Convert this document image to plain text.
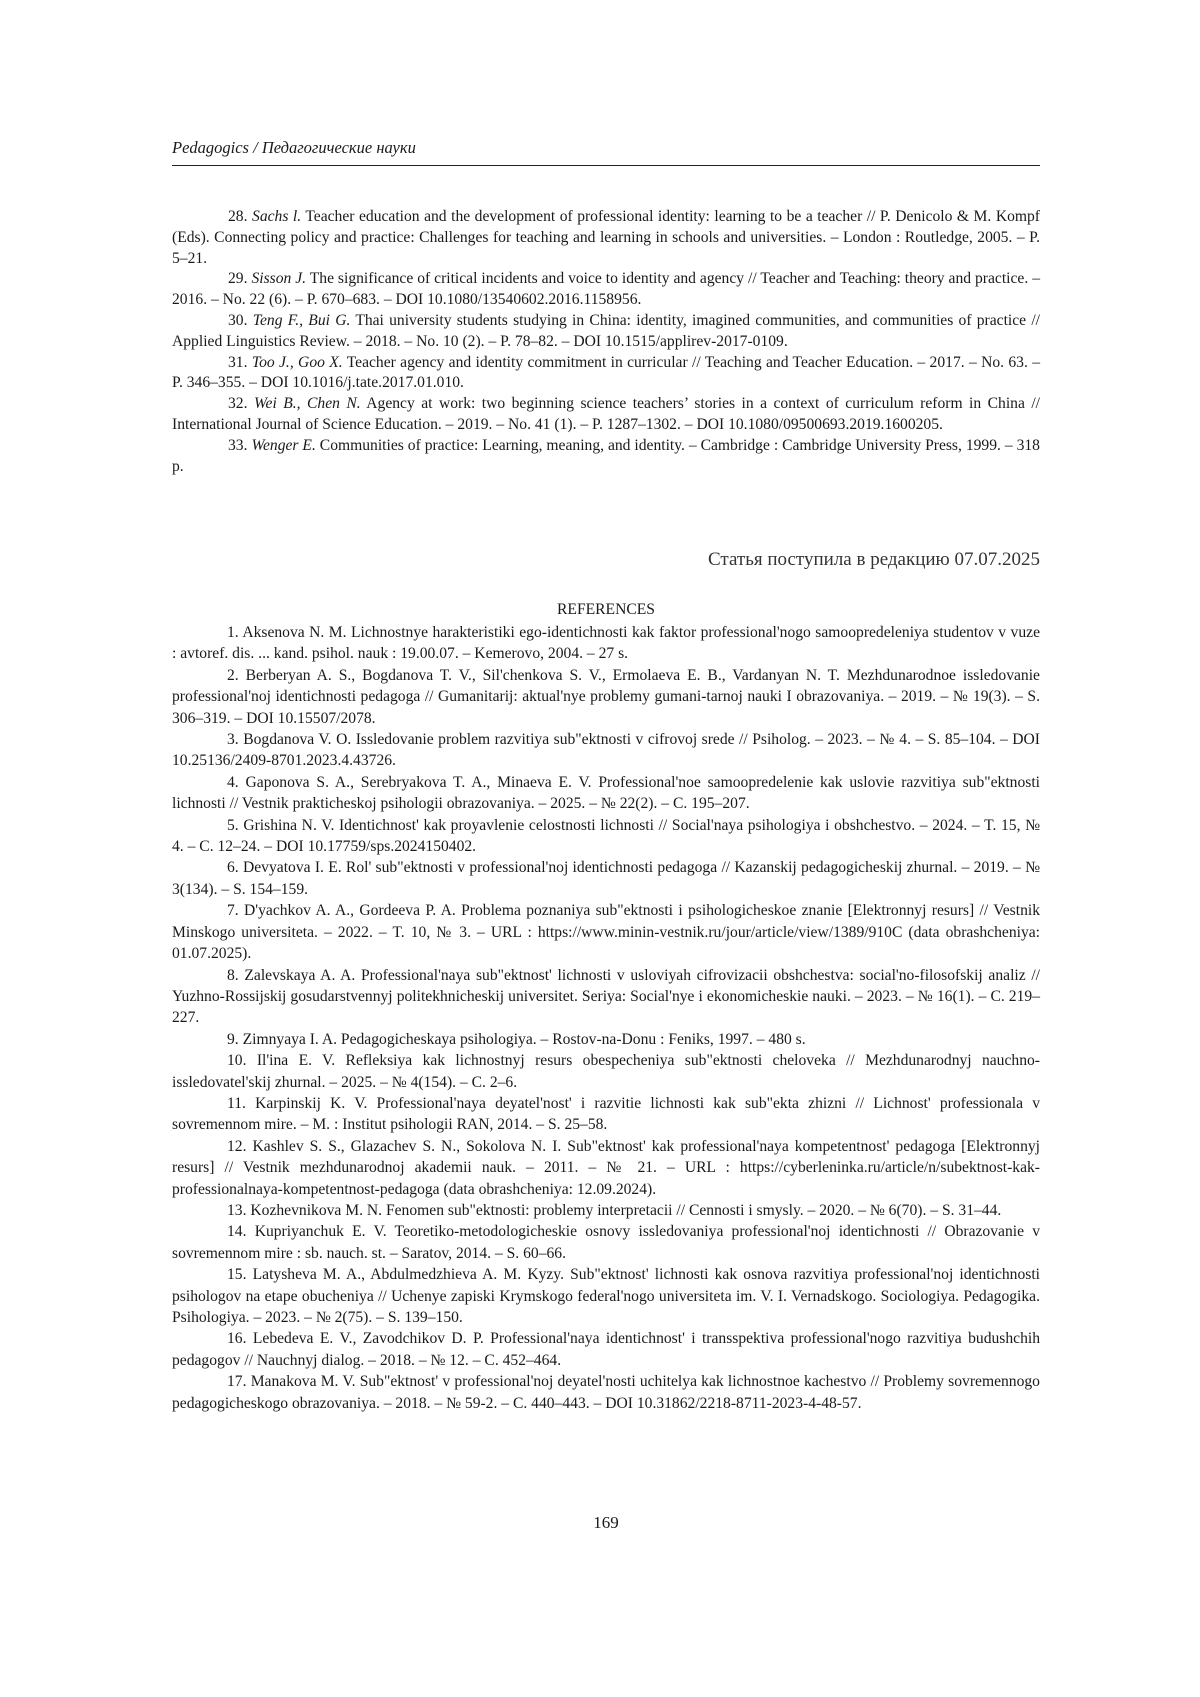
Pedagogics / Педагогические науки

28. Sachs l. Teacher education and the development of professional identity: learning to be a teacher // P. Denicolo & M. Kompf (Eds). Connecting policy and practice: Challenges for teaching and learning in schools and universities. – London : Routledge, 2005. – P. 5–21.

29. Sisson J. The significance of critical incidents and voice to identity and agency // Teacher and Teaching: theory and practice. – 2016. – No. 22 (6). – P. 670–683. – DOI 10.1080/13540602.2016.1158956.

30. Teng F., Bui G. Thai university students studying in China: identity, imagined communities, and communities of practice // Applied Linguistics Review. – 2018. – No. 10 (2). – P. 78–82. – DOI 10.1515/applirev-2017-0109.

31. Too J., Goo X. Teacher agency and identity commitment in curricular // Teaching and Teacher Education. – 2017. – No. 63. – P. 346–355. – DOI 10.1016/j.tate.2017.01.010.

32. Wei B., Chen N. Agency at work: two beginning science teachers’ stories in a context of curriculum reform in China // International Journal of Science Education. – 2019. – No. 41 (1). – P. 1287–1302. – DOI 10.1080/09500693.2019.1600205.

33. Wenger E. Communities of practice: Learning, meaning, and identity. – Cambridge : Cambridge University Press, 1999. – 318 p.

Статья поступила в редакцию 07.07.2025
REFERENCES

1. Aksenova N. M. Lichnostnye harakteristiki ego-identichnosti kak faktor professional'nogo samoopredeleniya studentov v vuze : avtoref. dis. ... kand. psihol. nauk : 19.00.07. – Kemerovo, 2004. – 27 s.

2. Berberyan A. S., Bogdanova T. V., Sil'chenkova S. V., Ermolaeva E. B., Vardanyan N. T. Mezhdunarodnoe issledovanie professional'noj identichnosti pedagoga // Gumanitarij: aktual'nye problemy gumani-tarnoj nauki I obrazovaniya. – 2019. – № 19(3). – S. 306–319. – DOI 10.15507/2078.

3. Bogdanova V. O. Issledovanie problem razvitiya sub"ektnosti v cifrovoj srede // Psiholog. – 2023. – № 4. – S. 85–104. – DOI 10.25136/2409-8701.2023.4.43726.

4. Gaponova S. A., Serebryakova T. A., Minaeva E. V. Professional'noe samoopredelenie kak uslovie razvitiya sub"ektnosti lichnosti // Vestnik prakticheskoj psihologii obrazovaniya. – 2025. – № 22(2). – C. 195–207.

5. Grishina N. V. Identichnost' kak proyavlenie celostnosti lichnosti // Social'naya psihologiya i obshchestvo. – 2024. – T. 15, № 4. – C. 12–24. – DOI 10.17759/sps.2024150402.

6. Devyatova I. E. Rol' sub"ektnosti v professional'noj identichnosti pedagoga // Kazanskij pedagogicheskij zhurnal. – 2019. – № 3(134). – S. 154–159.

7. D'yachkov A. A., Gordeeva P. A. Problema poznaniya sub"ektnosti i psihologicheskoe znanie [Elektronnyj resurs] // Vestnik Minskogo universiteta. – 2022. – T. 10, № 3. – URL : https://www.minin-vestnik.ru/jour/article/view/1389/910C (data obrashcheniya: 01.07.2025).

8. Zalevskaya A. A. Professional'naya sub"ektnost' lichnosti v usloviyah cifrovizacii obshchestva: social'no-filosofskij analiz // Yuzhno-Rossijskij gosudarstvennyj politekhnicheskij universitet. Seriya: Social'nye i ekonomicheskie nauki. – 2023. – № 16(1). – C. 219–227.

9. Zimnyaya I. A. Pedagogicheskaya psihologiya. – Rostov-na-Donu : Feniks, 1997. – 480 s.

10. Il'ina E. V. Refleksiya kak lichnostnyj resurs obespecheniya sub"ektnosti cheloveka // Mezhdunarodnyj nauchno-issledovatel'skij zhurnal. – 2025. – № 4(154). – C. 2–6.

11. Karpinskij K. V. Professional'naya deyatel'nost' i razvitie lichnosti kak sub"ekta zhizni // Lichnost' professionala v sovremennom mire. – M. : Institut psihologii RAN, 2014. – S. 25–58.

12. Kashlev S. S., Glazachev S. N., Sokolova N. I. Sub"ektnost' kak professional'naya kompetentnost' pedagoga [Elektronnyj resurs] // Vestnik mezhdunarodnoj akademii nauk. – 2011. – № 21. – URL : https://cyberleninka.ru/article/n/subektnost-kak-professionalnaya-kompetentnost-pedagoga (data obrashcheniya: 12.09.2024).

13. Kozhevnikova M. N. Fenomen sub"ektnosti: problemy interpretacii // Cennosti i smysly. – 2020. – № 6(70). – S. 31–44.

14. Kupriyanchuk E. V. Teoretiko-metodologicheskie osnovy issledovaniya professional'noj identichnosti // Obrazovanie v sovremennom mire : sb. nauch. st. – Saratov, 2014. – S. 60–66.

15. Latysheva M. A., Abdulmedzhieva A. M. Kyzy. Sub"ektnost' lichnosti kak osnova razvitiya professional'noj identichnosti psihologov na etape obucheniya // Uchenye zapiski Krymskogo federal'nogo universiteta im. V. I. Vernadskogo. Sociologiya. Pedagogika. Psihologiya. – 2023. – № 2(75). – S. 139–150.

16. Lebedeva E. V., Zavodchikov D. P. Professional'naya identichnost' i transspektiva professional'nogo razvitiya budushchih pedagogov // Nauchnyj dialog. – 2018. – № 12. – C. 452–464.

17. Manakova M. V. Sub"ektnost' v professional'noj deyatel'nosti uchitelya kak lichnostnoe kachestvo // Problemy sovremennogo pedagogicheskogo obrazovaniya. – 2018. – № 59-2. – C. 440–443. – DOI 10.31862/2218-8711-2023-4-48-57.

169
